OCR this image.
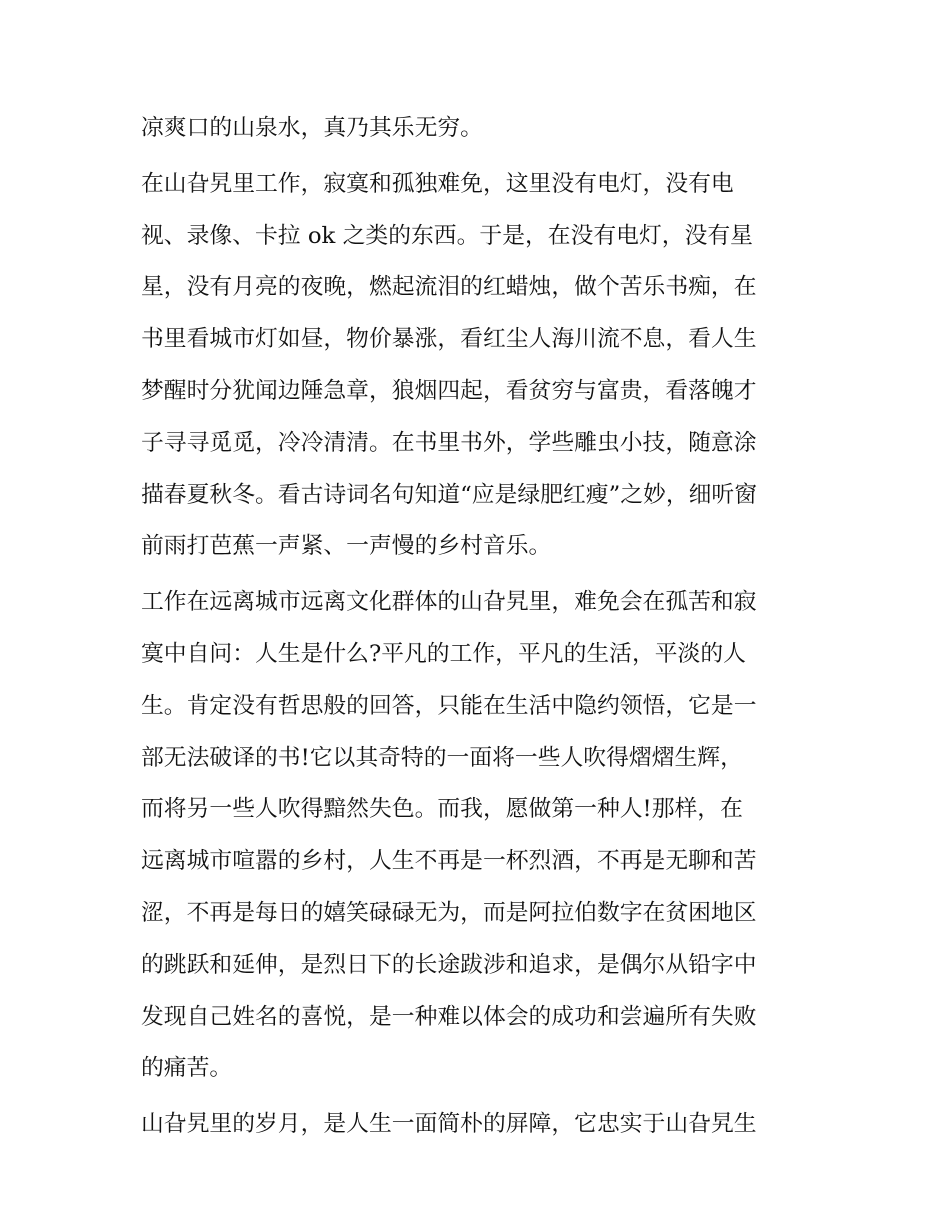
凉爽口的山泉水，真乃其乐无穷。
在山旮旯里工作，寂寞和孤独难免，这里没有电灯，没有电
视、录像、卡拉 ok 之类的东西。于是，在没有电灯，没有星
星，没有月亮的夜晚，燃起流泪的红蜡烛，做个苦乐书痴，在
书里看城市灯如昼，物价暴涨，看红尘人海川流不息，看人生
梦醒时分犹闻边陲急章，狼烟四起，看贫穷与富贵，看落魄才
子寻寻觅觅，冷冷清清。在书里书外，学些雕虫小技，随意涂
描春夏秋冬。看古诗词名句知道“应是绿肥红瘦”之妙，细听窗
前雨打芭蕉一声紧、一声慢的乡村音乐。
工作在远离城市远离文化群体的山旮旯里，难免会在孤苦和寂
寞中自问：人生是什么?平凡的工作，平凡的生活，平淡的人
生。肯定没有哲思般的回答，只能在生活中隐约领悟，它是一
部无法破译的书!它以其奇特的一面将一些人吹得熠熠生辉，
而将另一些人吹得黯然失色。而我，愿做第一种人!那样，在
远离城市喧嚣的乡村，人生不再是一杯烈酒，不再是无聊和苦
涩，不再是每日的嬉笑碌碌无为，而是阿拉伯数字在贫困地区
的跳跃和延伸，是烈日下的长途跋涉和追求，是偶尔从铅字中
发现自己姓名的喜悦，是一种难以体会的成功和尝遍所有失败
的痛苦。
山旮旯里的岁月，是人生一面简朴的屏障，它忠实于山旮旯生
